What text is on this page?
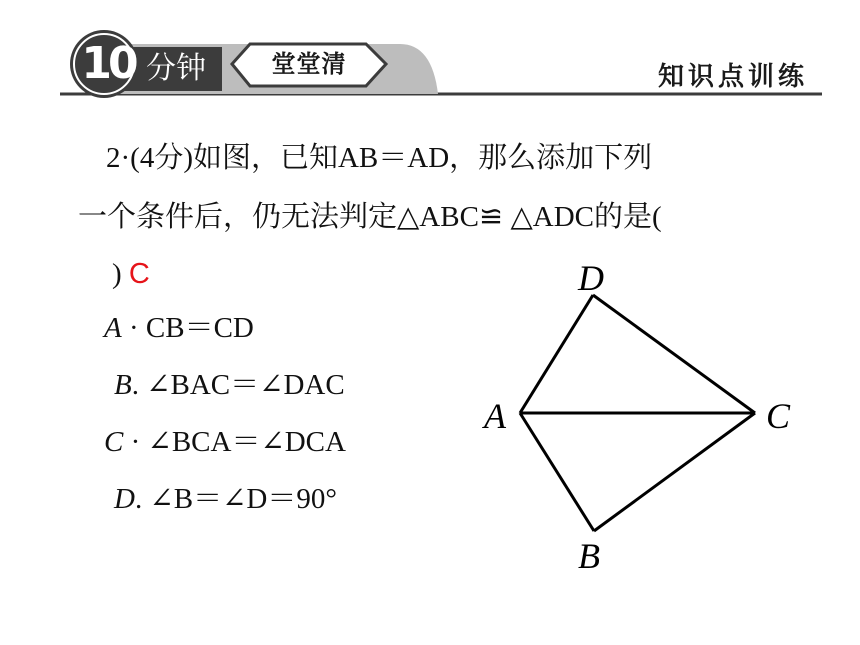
10 分钟	堂堂清	知识点训练
2·(4分)如图，已知AB＝AD，那么添加下列
一个条件后，仍无法判定△ABC≌ △ADC的是(
) C
A · CB＝CD
B. ∠BAC＝∠DAC
C · ∠BCA＝∠DCA
D. ∠B＝∠D＝90°
D
A	C
B
